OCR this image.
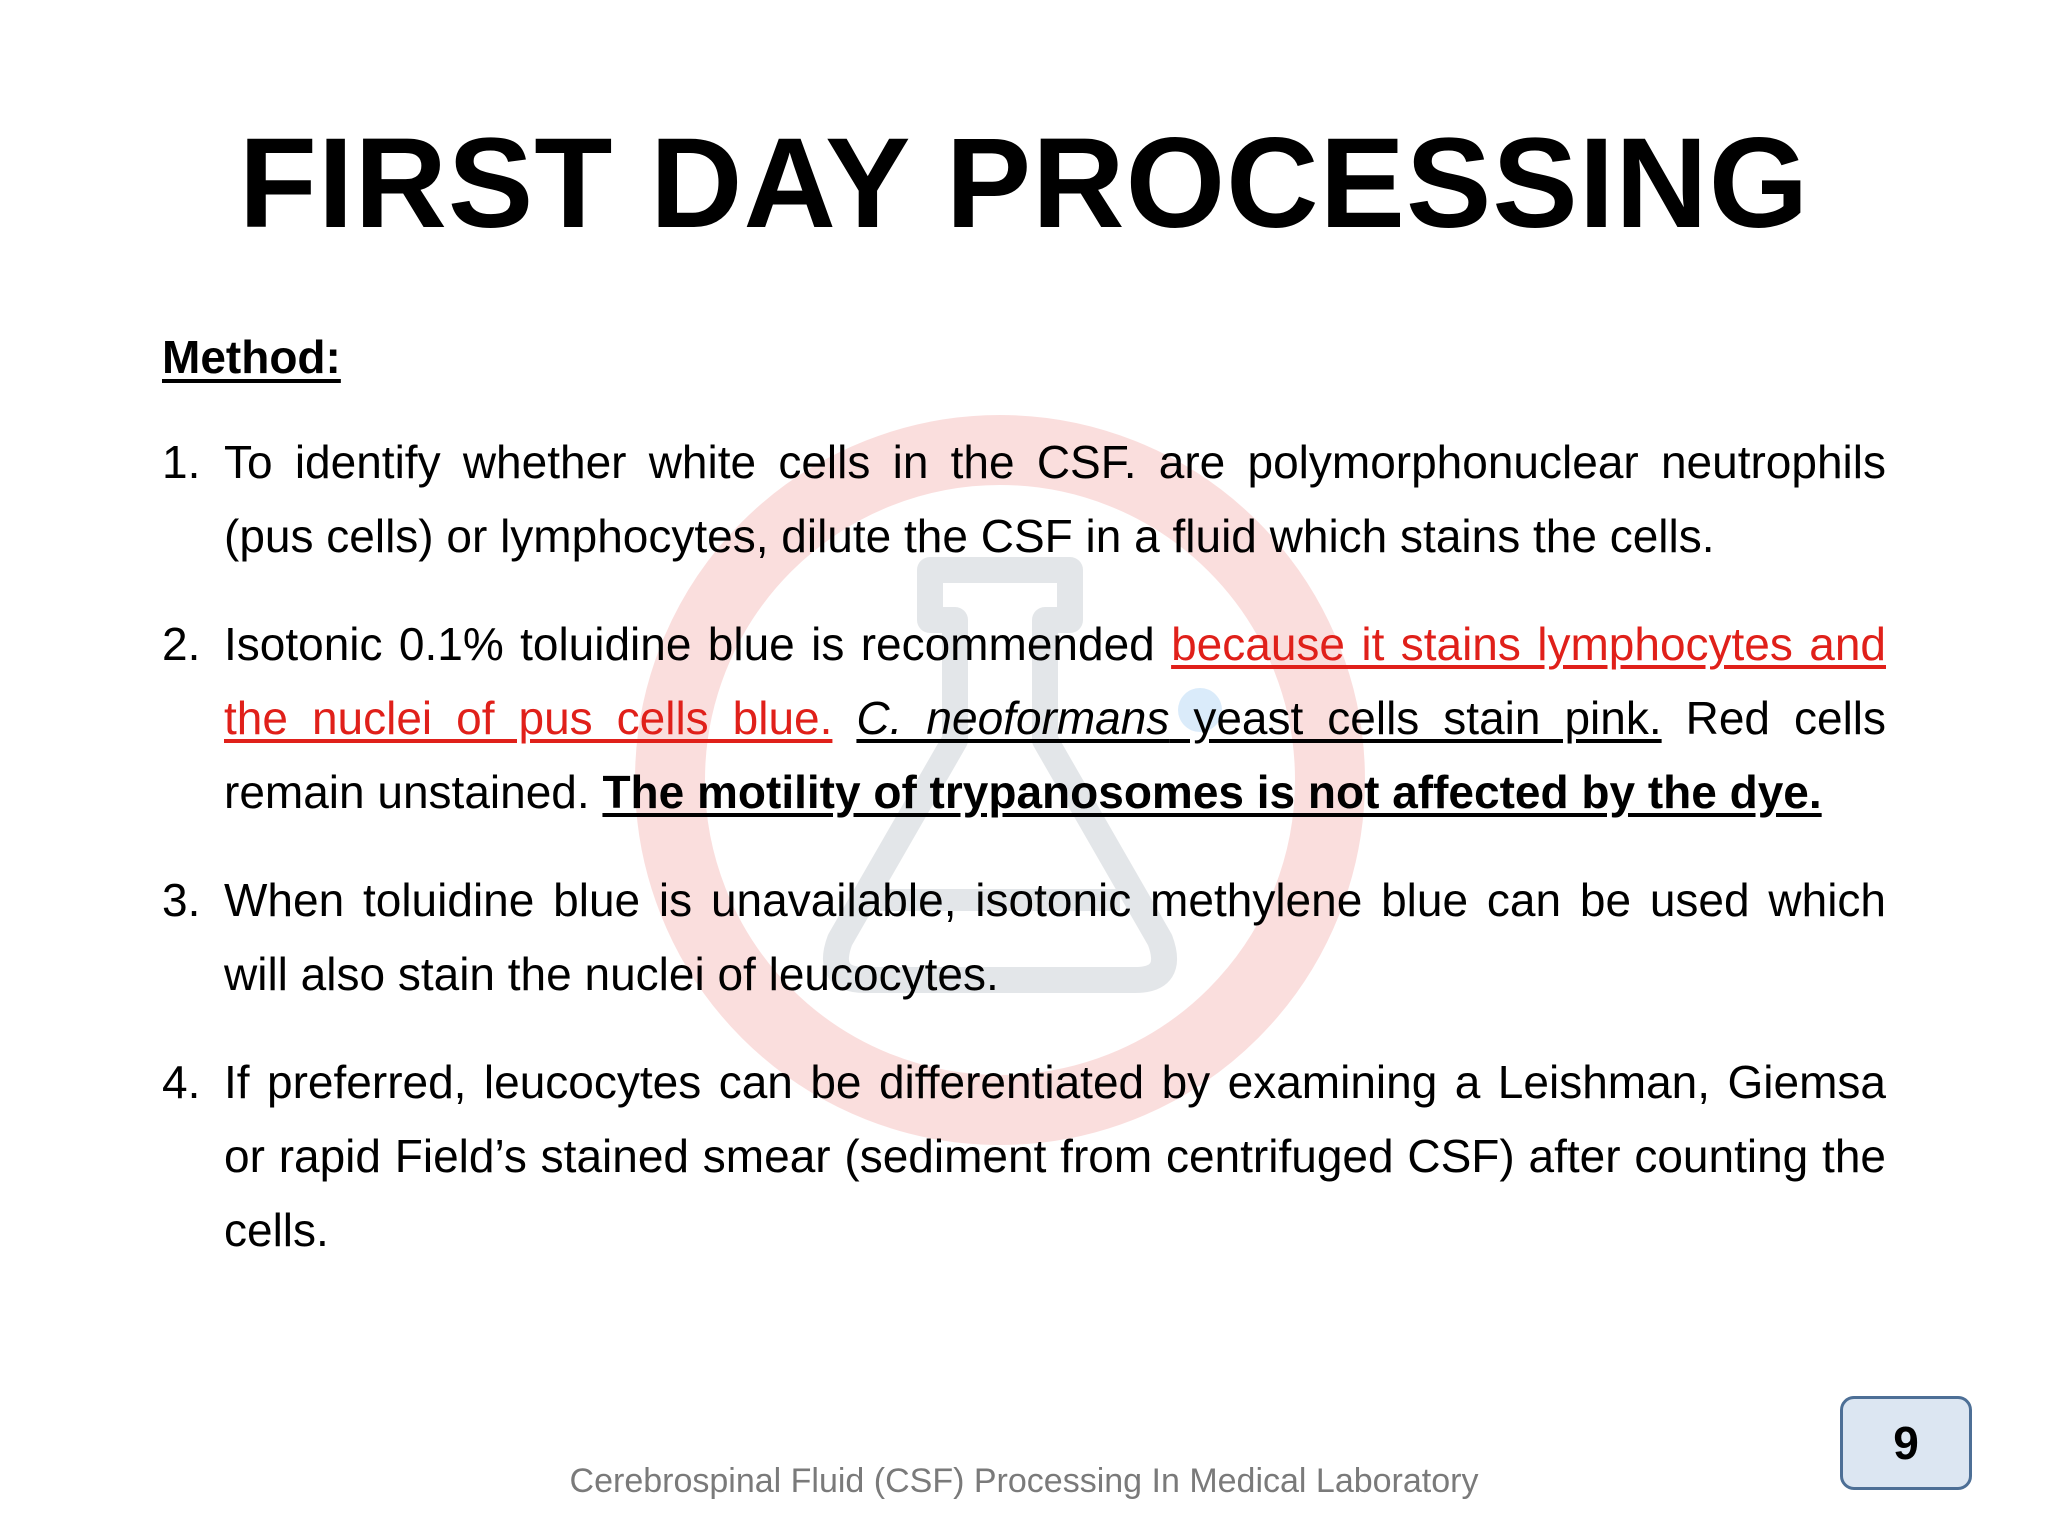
FIRST DAY PROCESSING
Method:
1. To identify whether white cells in the CSF. are polymorphonuclear neutrophils (pus cells) or lymphocytes, dilute the CSF in a fluid which stains the cells.
2. Isotonic 0.1% toluidine blue is recommended because it stains lymphocytes and the nuclei of pus cells blue. C. neoformans yeast cells stain pink. Red cells remain unstained. The motility of trypanosomes is not affected by the dye.
3. When toluidine blue is unavailable, isotonic methylene blue can be used which will also stain the nuclei of leucocytes.
4. If preferred, leucocytes can be differentiated by examining a Leishman, Giemsa or rapid Field’s stained smear (sediment from centrifuged CSF) after counting the cells.
Cerebrospinal Fluid (CSF) Processing In Medical Laboratory
9
